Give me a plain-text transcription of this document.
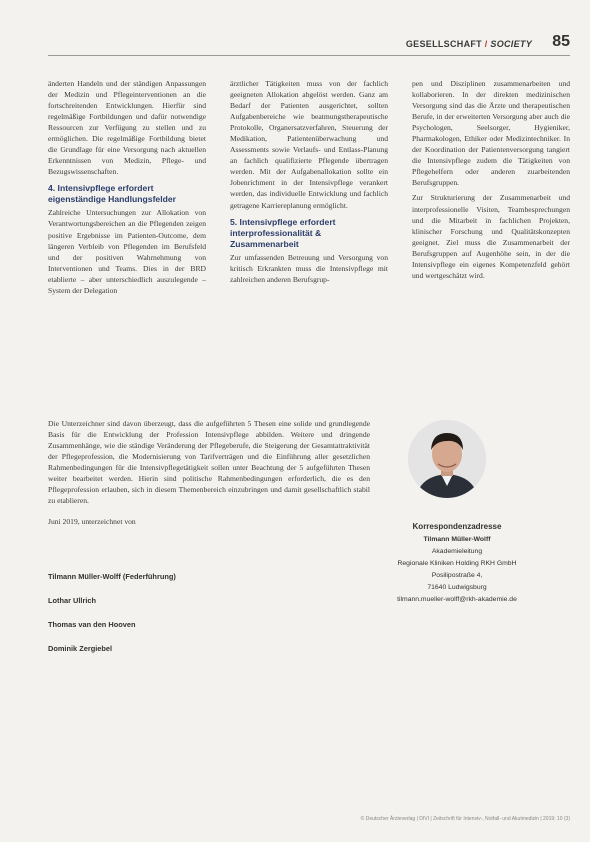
GESELLSCHAFT / SOCIETY 85

änderten Handeln und der ständigen Anpassungen der Medizin und Pflegeinterventionen an die fortschreitenden Entwicklungen. Hierfür sind regelmäßige Fortbildungen und dafür notwendige Ressourcen zur Verfügung zu stellen und zu ermöglichen. Die regelmäßige Fortbildung bietet die Grundlage für eine Versorgung nach aktuellen Erkenntnissen von Medizin, Pflege- und Bezugswissenschaften.

4. Intensivpflege erfordert eigenständige Handlungsfelder

Zahlreiche Untersuchungen zur Allokation von Verantwortungsbereichen an die Pflegenden zeigen positive Ergebnisse im Patienten-Outcome, dem längeren Verbleib von Pflegenden im Berufsfeld und der positiven Wahrnehmung von Interventionen und Teams. Dies in der BRD etablierte – aber unterschiedlich auszulegende – System der Delegation

ärztlicher Tätigkeiten muss von der fachlich geeigneten Allokation abgelöst werden. Ganz am Bedarf der Patienten ausgerichtet, sollten Aufgabenbereiche wie beatmungstherapeutische Protokolle, Organersatzverfahren, Steuerung der Medikation, Patientenüberwachung und Assessments sowie Verlaufs- und Entlass-Planung an fachlich qualifizierte Pflegende übertragen werden. Mit der Aufgabenallokation sollte ein Jobenrichment in der Intensivpflege verankert werden, das individuelle Entwicklung und fachlich getragene Karriereplanung ermöglicht.

5. Intensivpflege erfordert interprofessionalität & Zusammenarbeit

Zur umfassenden Betreuung und Versorgung von kritisch Erkrankten muss die Intensivpflege mit zahlreichen anderen Berufsgrup-

pen und Disziplinen zusammenarbeiten und kollaborieren. In der direkten medizinischen Versorgung sind das die Ärzte und therapeutischen Berufe, in der erweiterten Versorgung aber auch die Psychologen, Seelsorger, Hygieniker, Pharmakologen, Ethiker oder Medizintechniker. In der Koordination der Patientenversorgung tangiert die Intensivpflege zudem die Tätigkeiten von Pflegehelfern oder anderen zuarbeitenden Berufsgruppen.

Zur Strukturierung der Zusammenarbeit und interprofessionelle Visiten, Teambesprechungen und die Mitarbeit in fachlichen Projekten, klinischer Forschung und Qualitätskonzepten geeignet. Ziel muss die Zusammenarbeit der Berufsgruppen auf Augenhöhe sein, in der die Intensivpflege ein eigenes Kompetenzfeld gehört und wertgeschätzt wird.

Die Unterzeichner sind davon überzeugt, dass die aufgeführten 5 Thesen eine solide und grundlegende Basis für die Entwicklung der Profession Intensivpflege abbilden. Weitere und dringende Zusammenhänge, wie die ständige Veränderung der Pflegeberufe, die Steigerung der Gesamtattraktivität der Pflegeprofession, die Modernisierung von Tarifverträgen und die Einführung aller gesetzlichen Rahmenbedingungen für die Intensivpflegetätigkeit sollen unter Beachtung der 5 aufgeführten Thesen weiter bearbeitet werden. Hierin sind politische Rahmenbedingungen erforderlich, die es den Pflegeprofession erlauben, sich in diesem Themenbereich einzubringen und damit gesellschaftlich stabil zu etablieren.

Juni 2019, unterzeichnet von

Tilmann Müller-Wolff (Federführung)

Lothar Ullrich

Thomas van den Hooven

Dominik Zergiebel

Korrespondenzadresse
Tilmann Müller-Wolff
Akademieleitung
Regionale Kliniken Holding RKH GmbH
Posilipostraße 4,
71640 Ludwigsburg
tilmann.mueller-wolff@rkh-akademie.de
© Deutscher Ärzteverlag | DIVI | Zeitschrift für Intensiv-, Notfall- und Akutmedizin | 2019; 10 (3)
